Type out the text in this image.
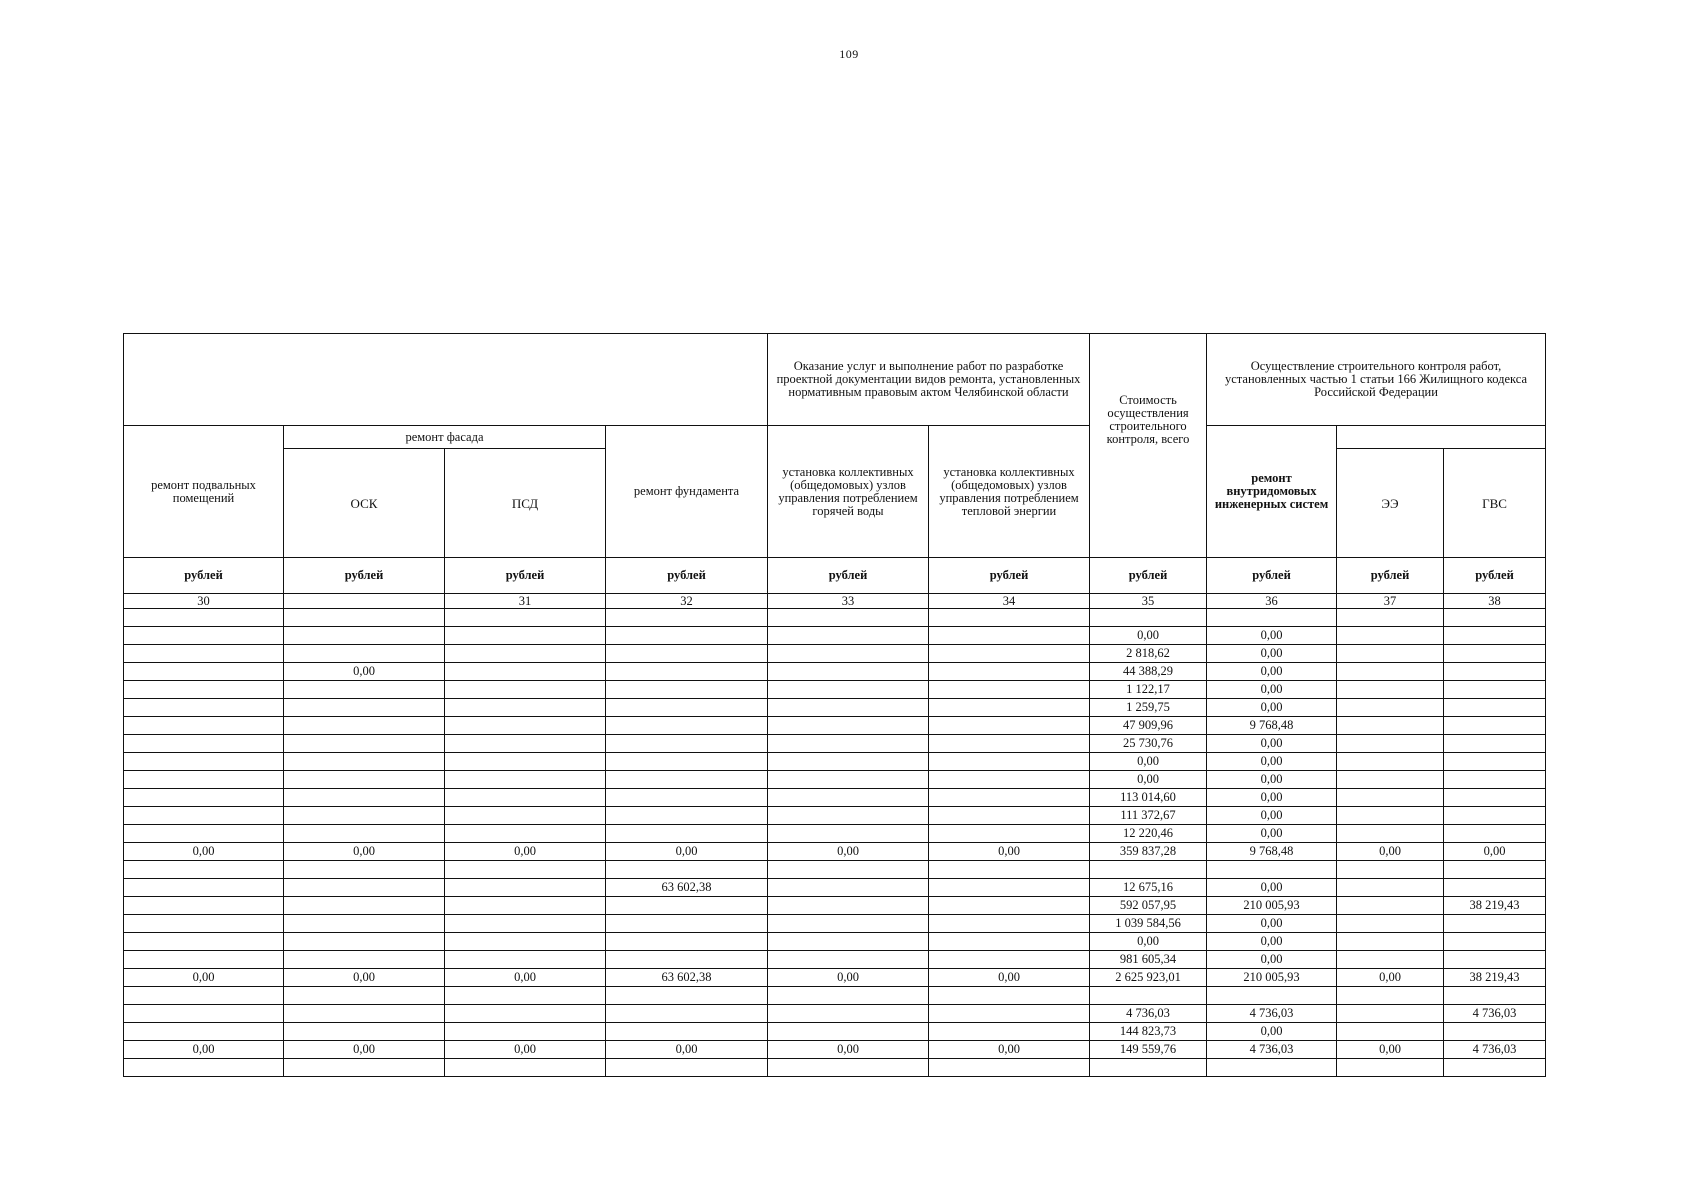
109
				Оказание услуг и выполнение работ по разработке проектной документации видов ремонта, установленных нормативным правовым актом Челябинской области		Стоимость осуществления строительного контроля, всего	Осуществление строительного контроля работ, установленных частью 1 статьи 166 Жилищного кодекса Российской Федерации		
ремонт подвальных помещений	ремонт фасада		ремонт фундамента	установка коллективных (общедомовых) узлов управления потреблением горячей воды	установка коллективных (общедомовых) узлов управления потреблением тепловой энергии		ремонт внутридомовых инженерных систем		
	ОСК	ПСД						ЭЭ	ГВС
рублей	рублей	рублей	рублей	рублей	рублей	рублей	рублей	рублей	рублей
30		31	32	33	34	35	36	37	38

						0,00	0,00		
						2 818,62	0,00		
	0,00					44 388,29	0,00		
						1 122,17	0,00		
						1 259,75	0,00		
						47 909,96	9 768,48		
						25 730,76	0,00		
						0,00	0,00		
						0,00	0,00		
						113 014,60	0,00		
						111 372,67	0,00		
						12 220,46	0,00		
0,00	0,00	0,00	0,00	0,00	0,00	359 837,28	9 768,48	0,00	0,00

			63 602,38			12 675,16	0,00		
						592 057,95	210 005,93		38 219,43
						1 039 584,56	0,00		
						0,00	0,00		
						981 605,34	0,00		
0,00	0,00	0,00	63 602,38	0,00	0,00	2 625 923,01	210 005,93	0,00	38 219,43

						4 736,03	4 736,03		4 736,03
						144 823,73	0,00		
0,00	0,00	0,00	0,00	0,00	0,00	149 559,76	4 736,03	0,00	4 736,03
